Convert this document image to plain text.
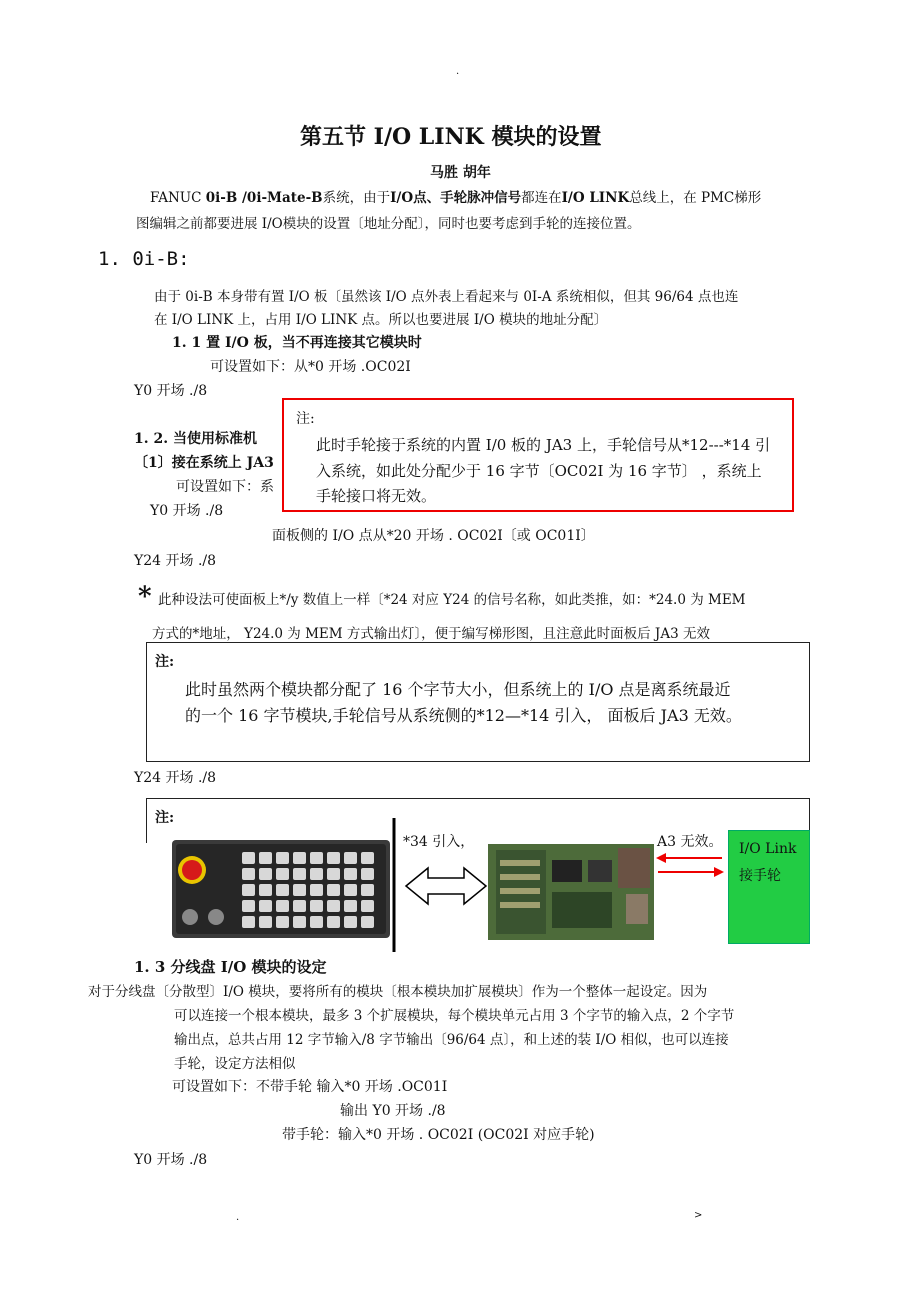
.
第五节 I/O LINK 模块的设置
马胜 胡年
FANUC 0i-B /0i-Mate-B系统，由于I/O点、手轮脉冲信号都连在I/O LINK总线上，在 PMC梯形
图编辑之前都要进展 I/O模块的设置〔地址分配〕，同时也要考虑到手轮的连接位置。
1. 0i-B:
由于 0i-B 本身带有置 I/O 板〔虽然该 I/O 点外表上看起来与 0I-A 系统相似，但其 96/64 点也连
在 I/O LINK 上，占用 I/O LINK 点。所以也要进展 I/O 模块的地址分配〕
1. 1 置 I/O 板，当不再连接其它模块时
可设置如下：从*0 开场 .OC02I
Y0 开场 ./8
1. 2. 当使用标准机
〔1〕接在系统上 JA3
可设置如下：系
Y0 开场 ./8
注:
此时手轮接于系统的内置 I/0 板的 JA3 上，手轮信号从*12---*14 引
入系统，如此处分配少于 16 字节〔OC02I 为 16 字节〕 ，系统上
手轮接口将无效。
面板侧的 I/O 点从*20 开场 . OC02I〔或 OC01I〕
Y24 开场 ./8
* 此种设法可使面板上*/y 数值上一样〔*24 对应 Y24 的信号名称，如此类推，如：*24.0 为 MEM
方式的*地址， Y24.0 为 MEM 方式输出灯〕，便于编写梯形图，且注意此时面板后 JA3 无效
注:
此时虽然两个模块都分配了 16 个字节大小，但系统上的 I/O 点是离系统最近
的一个 16 字节模块,手轮信号从系统侧的*12—*14 引入， 面板后 JA3 无效。
Y24 开场 ./8
注:
*34 引入，	A3 无效。 I/O Link
接手轮
1. 3 分线盘 I/O 模块的设定
对于分线盘〔分散型〕I/O 模块，要将所有的模块〔根本模块加扩展模块〕作为一个整体一起设定。因为
可以连接一个根本模块，最多 3 个扩展模块，每个模块单元占用 3 个字节的输入点，2 个字节
输出点，总共占用 12 字节输入/8 字节输出〔96/64 点〕，和上述的装 I/O 相似，也可以连接
手轮，设定方法相似
可设置如下：不带手轮 输入*0 开场 .OC01I
输出 Y0 开场 ./8
带手轮：输入*0 开场 . OC02I (OC02I 对应手轮)
Y0 开场 ./8
.	>
